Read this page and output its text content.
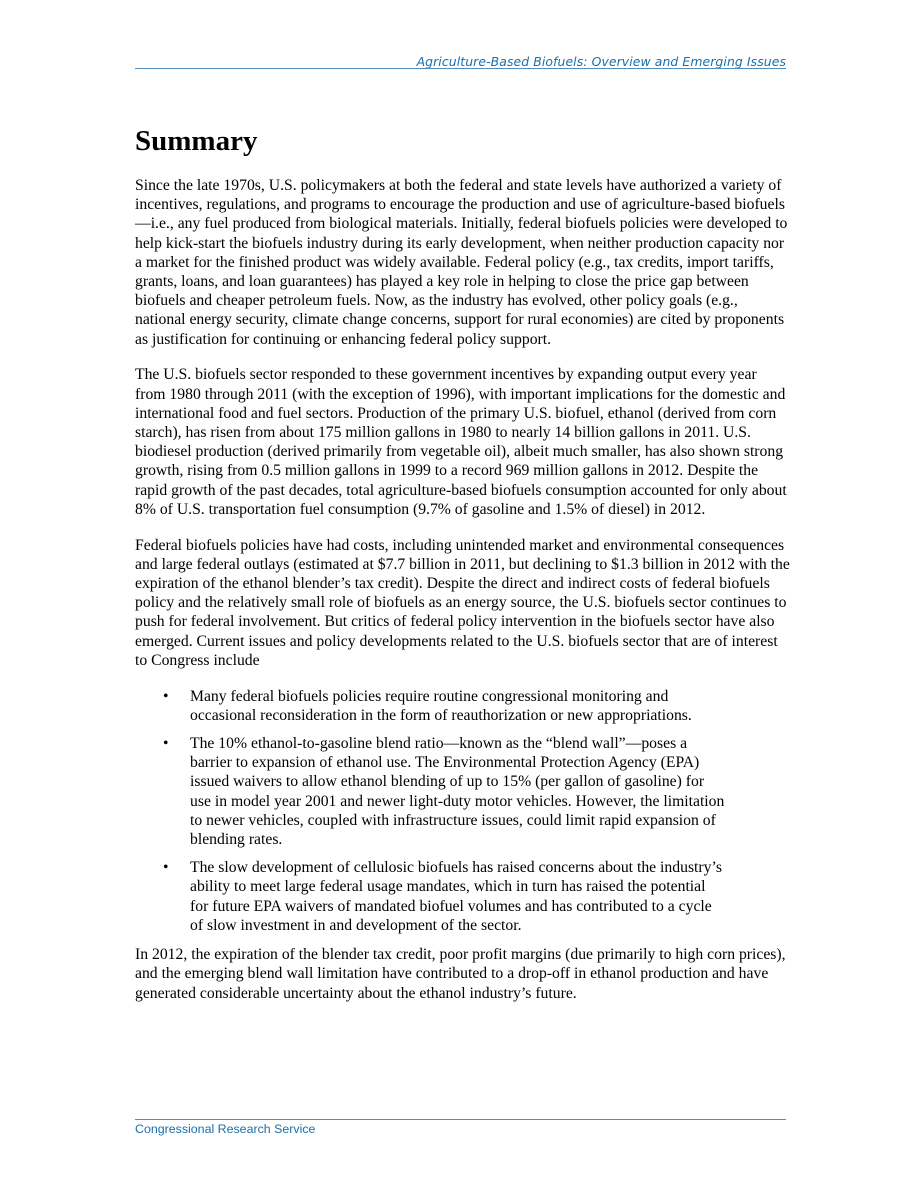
Agriculture-Based Biofuels: Overview and Emerging Issues
Summary

Since the late 1970s, U.S. policymakers at both the federal and state levels have authorized a variety of incentives, regulations, and programs to encourage the production and use of agriculture-based biofuels—i.e., any fuel produced from biological materials. Initially, federal biofuels policies were developed to help kick-start the biofuels industry during its early development, when neither production capacity nor a market for the finished product was widely available. Federal policy (e.g., tax credits, import tariffs, grants, loans, and loan guarantees) has played a key role in helping to close the price gap between biofuels and cheaper petroleum fuels. Now, as the industry has evolved, other policy goals (e.g., national energy security, climate change concerns, support for rural economies) are cited by proponents as justification for continuing or enhancing federal policy support.

The U.S. biofuels sector responded to these government incentives by expanding output every year from 1980 through 2011 (with the exception of 1996), with important implications for the domestic and international food and fuel sectors. Production of the primary U.S. biofuel, ethanol (derived from corn starch), has risen from about 175 million gallons in 1980 to nearly 14 billion gallons in 2011. U.S. biodiesel production (derived primarily from vegetable oil), albeit much smaller, has also shown strong growth, rising from 0.5 million gallons in 1999 to a record 969 million gallons in 2012. Despite the rapid growth of the past decades, total agriculture-based biofuels consumption accounted for only about 8% of U.S. transportation fuel consumption (9.7% of gasoline and 1.5% of diesel) in 2012.

Federal biofuels policies have had costs, including unintended market and environmental consequences and large federal outlays (estimated at $7.7 billion in 2011, but declining to $1.3 billion in 2012 with the expiration of the ethanol blender’s tax credit). Despite the direct and indirect costs of federal biofuels policy and the relatively small role of biofuels as an energy source, the U.S. biofuels sector continues to push for federal involvement. But critics of federal policy intervention in the biofuels sector have also emerged. Current issues and policy developments related to the U.S. biofuels sector that are of interest to Congress include

• Many federal biofuels policies require routine congressional monitoring and occasional reconsideration in the form of reauthorization or new appropriations.
• The 10% ethanol-to-gasoline blend ratio—known as the “blend wall”—poses a barrier to expansion of ethanol use. The Environmental Protection Agency (EPA) issued waivers to allow ethanol blending of up to 15% (per gallon of gasoline) for use in model year 2001 and newer light-duty motor vehicles. However, the limitation to newer vehicles, coupled with infrastructure issues, could limit rapid expansion of blending rates.
• The slow development of cellulosic biofuels has raised concerns about the industry’s ability to meet large federal usage mandates, which in turn has raised the potential for future EPA waivers of mandated biofuel volumes and has contributed to a cycle of slow investment in and development of the sector.

In 2012, the expiration of the blender tax credit, poor profit margins (due primarily to high corn prices), and the emerging blend wall limitation have contributed to a drop-off in ethanol production and have generated considerable uncertainty about the ethanol industry’s future.

Congressional Research Service
